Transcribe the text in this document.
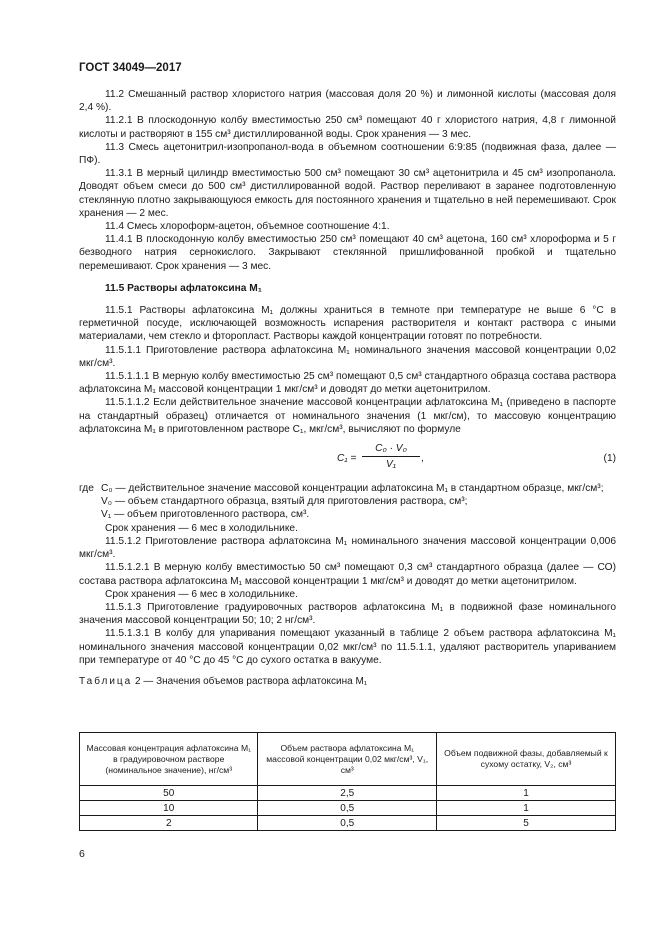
ГОСТ 34049—2017

11.2 Смешанный раствор хлористого натрия (массовая доля 20 %) и лимонной кислоты (массовая доля 2,4 %).

11.2.1 В плоскодонную колбу вместимостью 250 см³ помещают 40 г хлористого натрия, 4,8 г лимонной кислоты и растворяют в 155 см³ дистиллированной воды. Срок хранения — 3 мес.

11.3 Смесь ацетонитрил-изопропанол-вода в объемном соотношении 6:9:85 (подвижная фаза, далее — ПФ).

11.3.1 В мерный цилиндр вместимостью 500 см³ помещают 30 см³ ацетонитрила и 45 см³ изопропанола. Доводят объем смеси до 500 см³ дистиллированной водой. Раствор переливают в заранее подготовленную стеклянную плотно закрывающуюся емкость для постоянного хранения и тщательно в ней перемешивают. Срок хранения — 2 мес.

11.4 Смесь хлороформ-ацетон, объемное соотношение 4:1.

11.4.1 В плоскодонную колбу вместимостью 250 см³ помещают 40 см³ ацетона, 160 см³ хлороформа и 5 г безводного натрия сернокислого. Закрывают стеклянной пришлифованной пробкой и тщательно перемешивают. Срок хранения — 3 мес.

11.5 Растворы афлатоксина M₁

11.5.1 Растворы афлатоксина M₁ должны храниться в темноте при температуре не выше 6 °C в герметичной посуде, исключающей возможность испарения растворителя и контакт раствора с иными материалами, чем стекло и фторопласт. Растворы каждой концентрации готовят по потребности.

11.5.1.1 Приготовление раствора афлатоксина M₁ номинального значения массовой концентрации 0,02 мкг/см³.

11.5.1.1.1 В мерную колбу вместимостью 25 см³ помещают 0,5 см³ стандартного образца состава раствора афлатоксина M₁ массовой концентрации 1 мкг/см³ и доводят до метки ацетонитрилом.

11.5.1.1.2 Если действительное значение массовой концентрации афлатоксина M₁ (приведено в паспорте на стандартный образец) отличается от номинального значения (1 мкг/см), то массовую концентрацию афлатоксина M₁ в приготовленном растворе C₁, мкг/см³, вычисляют по формуле

$C_1 = \frac{\text{C₀ · V₀}}{\text{V₁}}$ ,	(1)
где C₀ — действительное значение массовой концентрации афлатоксина M₁ в стандартном образце, мкг/см³;
V₀ — объем стандартного образца, взятый для приготовления раствора, см³;
V₁ — объем приготовленного раствора, см³.

Срок хранения — 6 мес в холодильнике.

11.5.1.2 Приготовление раствора афлатоксина M₁ номинального значения массовой концентрации 0,006 мкг/см³.

11.5.1.2.1 В мерную колбу вместимостью 50 см³ помещают 0,3 см³ стандартного образца (далее — СО) состава раствора афлатоксина M₁ массовой концентрации 1 мкг/см³ и доводят до метки ацетонитрилом.

Срок хранения — 6 мес в холодильнике.

11.5.1.3 Приготовление градуировочных растворов афлатоксина M₁ в подвижной фазе номинального значения массовой концентрации 50; 10; 2 нг/см³.

11.5.1.3.1 В колбу для упаривания помещают указанный в таблице 2 объем раствора афлатоксина M₁ номинального значения массовой концентрации 0,02 мкг/см³ по 11.5.1.1, удаляют растворитель упариванием при температуре от 40 °C до 45 °C до сухого остатка в вакууме.

Таблица 2 — Значения объемов раствора афлатоксина M₁

Массовая концентрация афлатоксина M₁ в градуировочном растворе (номинальное значение), нг/см³	Объем раствора афлатоксина M₁ массовой концентрации 0,02 мкг/см³, V₁, см³	Объем подвижной фазы, добавляемый к сухому остатку, V₂, см³
50	2,5	1
10	0,5	1
2	0,5	5
6
